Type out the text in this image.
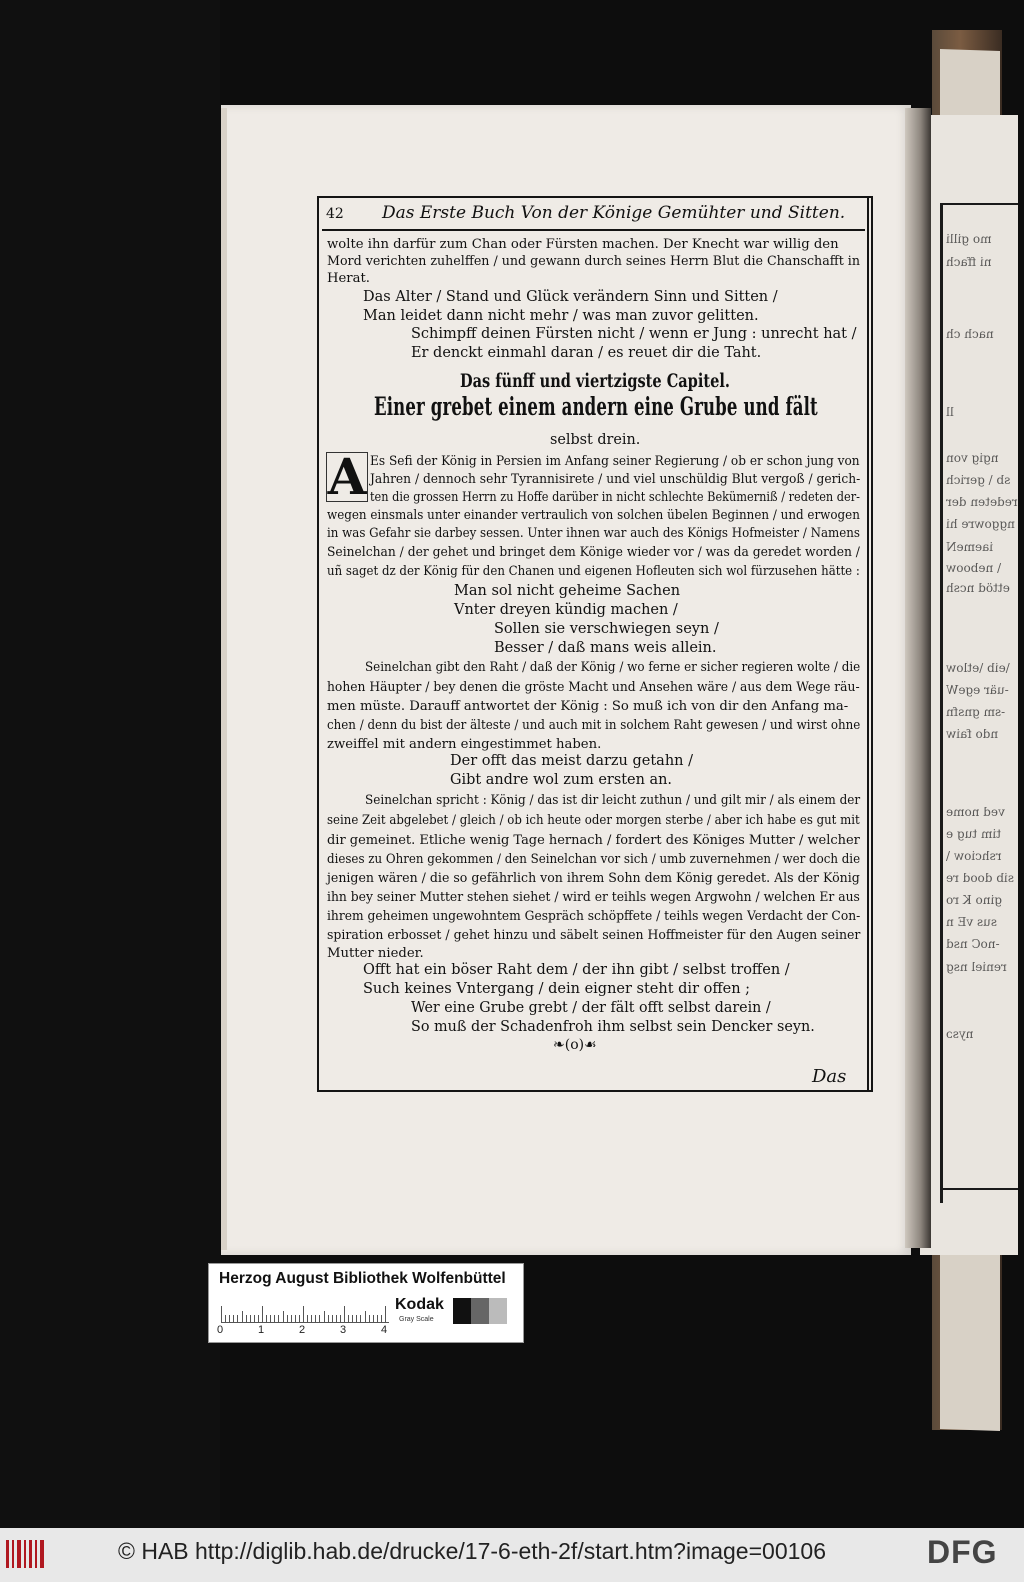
mo gilli
ni ffach
nach ch
ll
ngig von
sb \ gerich
redeten der
nggowre hi
iaemeN
\ neboow
ettöd ncsh
\eib \etlow
-uär egeW
-sm gnsfn
ndo faiw
ved nome
tim tug e
rshciow \
sib dood re
gino K ro
sus vE n
-noC nsd
reniel nsg
nysɔ
42 Das Erste Buch Von der Könige Gemühter und Sitten.
wolte ihn darfür zum Chan oder Fürsten machen. Der Knecht war willig den
Mord verichten zuhelffen / und gewann durch seines Herrn Blut die Chanschafft in
Herat.
Das Alter / Stand und Glück verändern Sinn und Sitten /
Man leidet dann nicht mehr / was man zuvor gelitten.
Schimpff deinen Fürsten nicht / wenn er Jung : unrecht hat /
Er denckt einmahl daran / es reuet dir die Taht.
Das fünff und viertzigste Capitel.
Einer grebet einem andern eine Grube und fält
selbst drein.
Es Sefi der König in Persien im Anfang seiner Regierung / ob er schon jung von
Jahren / dennoch sehr Tyrannisirete / und viel unschüldig Blut vergoß / gerich-
ten die grossen Herrn zu Hoffe darüber in nicht schlechte Bekümerniß / redeten der-
wegen einsmals unter einander vertraulich von solchen übelen Beginnen / und erwogen
in was Gefahr sie darbey sessen. Unter ihnen war auch des Königs Hofmeister / Namens
Seinelchan / der gehet und bringet dem Könige wieder vor / was da geredet worden /
uñ saget dz der König für den Chanen und eigenen Hofleuten sich wol fürzusehen hätte :
Man sol nicht geheime Sachen
Vnter dreyen kündig machen /
Sollen sie verschwiegen seyn /
Besser / daß mans weis allein.
Seinelchan gibt den Raht / daß der König / wo ferne er sicher regieren wolte / die
hohen Häupter / bey denen die gröste Macht und Ansehen wäre / aus dem Wege räu-
men müste. Darauff antwortet der König : So muß ich von dir den Anfang ma-
chen / denn du bist der älteste / und auch mit in solchem Raht gewesen / und wirst ohne
zweiffel mit andern eingestimmet haben.
Der offt das meist darzu getahn /
Gibt andre wol zum ersten an.
Seinelchan spricht : König / das ist dir leicht zuthun / und gilt mir / als einem der
seine Zeit abgelebet / gleich / ob ich heute oder morgen sterbe / aber ich habe es gut mit
dir gemeinet. Etliche wenig Tage hernach / fordert des Königes Mutter / welcher
dieses zu Ohren gekommen / den Seinelchan vor sich / umb zuvernehmen / wer doch die
jenigen wären / die so gefährlich von ihrem Sohn dem König geredet. Als der König
ihn bey seiner Mutter stehen siehet / wird er teihls wegen Argwohn / welchen Er aus
ihrem geheimen ungewohntem Gespräch schöpffete / teihls wegen Verdacht der Con-
spiration erbosset / gehet hinzu und säbelt seinen Hoffmeister für den Augen seiner
Mutter nieder.
Offt hat ein böser Raht dem / der ihn gibt / selbst troffen /
Such keines Vntergang / dein eigner steht dir offen ;
Wer eine Grube grebt / der fält offt selbst darein /
So muß der Schadenfroh ihm selbst sein Dencker seyn.
A
❧(o)☙
Das
Herzog August Bibliothek Wolfenbüttel
0	1	2	3	4
Kodak
Gray Scale
© HAB http://diglib.hab.de/drucke/17-6-eth-2f/start.htm?image=00106	DFG
